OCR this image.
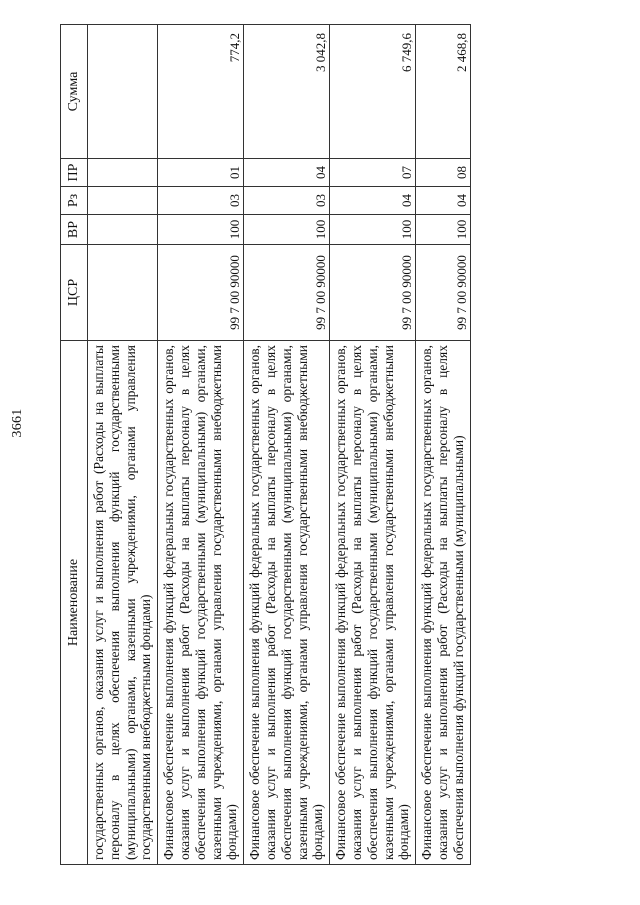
3661
Наименование	ЦСР	ВР	Рз	ПР	Сумма
государственных органов, оказания услуг и выполнения работ (Расходы на выплаты персоналу в целях обеспечения выполнения функций государственными (муниципальными) органами, казенными учреждениями, органами управления государственными внебюджетными фондами)					
Финансовое обеспечение выполнения функций федеральных государственных органов, оказания услуг и выполнения работ (Расходы на выплаты персоналу в целях обеспечения выполнения функций государственными (муниципальными) органами, казенными учреждениями, органами управления государственными внебюджетными фондами)	99 7 00 90000	100	03	01	774,2
Финансовое обеспечение выполнения функций федеральных государственных органов, оказания услуг и выполнения работ (Расходы на выплаты персоналу в целях обеспечения выполнения функций государственными (муниципальными) органами, казенными учреждениями, органами управления государственными внебюджетными фондами)	99 7 00 90000	100	03	04	3 042,8
Финансовое обеспечение выполнения функций федеральных государственных органов, оказания услуг и выполнения работ (Расходы на выплаты персоналу в целях обеспечения выполнения функций государственными (муниципальными) органами, казенными учреждениями, органами управления государственными внебюджетными фондами)	99 7 00 90000	100	04	07	6 749,6
Финансовое обеспечение выполнения функций федеральных государственных органов, оказания услуг и выполнения работ (Расходы на выплаты персоналу в целях обеспечения выполнения функций государственными (муниципальными)	99 7 00 90000	100	04	08	2 468,8
